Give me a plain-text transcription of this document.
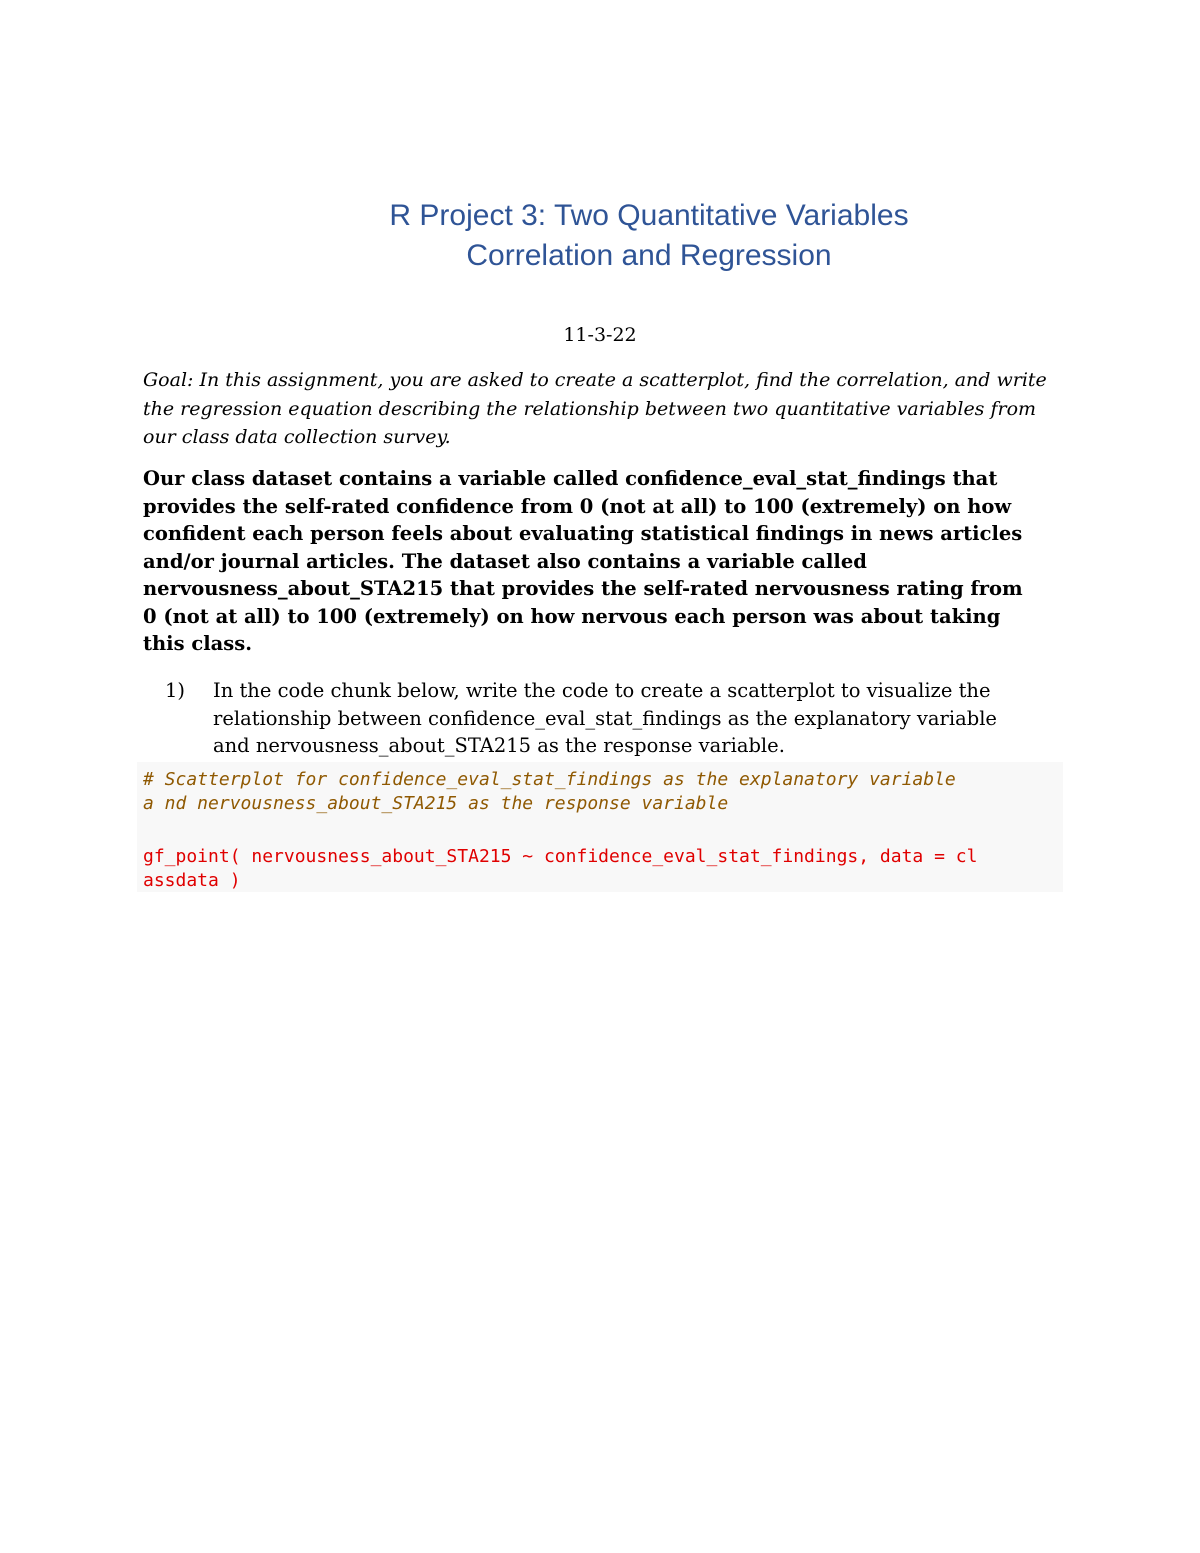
R Project 3: Two Quantitative Variables
Correlation and Regression
11-3-22

Goal: In this assignment, you are asked to create a scatterplot, find the correlation, and write the regression equation describing the relationship between two quantitative variables from our class data collection survey.

Our class dataset contains a variable called confidence_eval_stat_findings that provides the self-rated confidence from 0 (not at all) to 100 (extremely) on how confident each person feels about evaluating statistical findings in news articles and/or journal articles. The dataset also contains a variable called nervousness_about_STA215 that provides the self-rated nervousness rating from 0 (not at all) to 100 (extremely) on how nervous each person was about taking this class.

1) In the code chunk below, write the code to create a scatterplot to visualize the relationship between confidence_eval_stat_findings as the explanatory variable and nervousness_about_STA215 as the response variable.

# Scatterplot for confidence_eval_stat_findings as the explanatory variable
a nd nervousness_about_STA215 as the response variable
gf_point( nervousness_about_STA215 ~ confidence_eval_stat_findings, data = cl
assdata )
